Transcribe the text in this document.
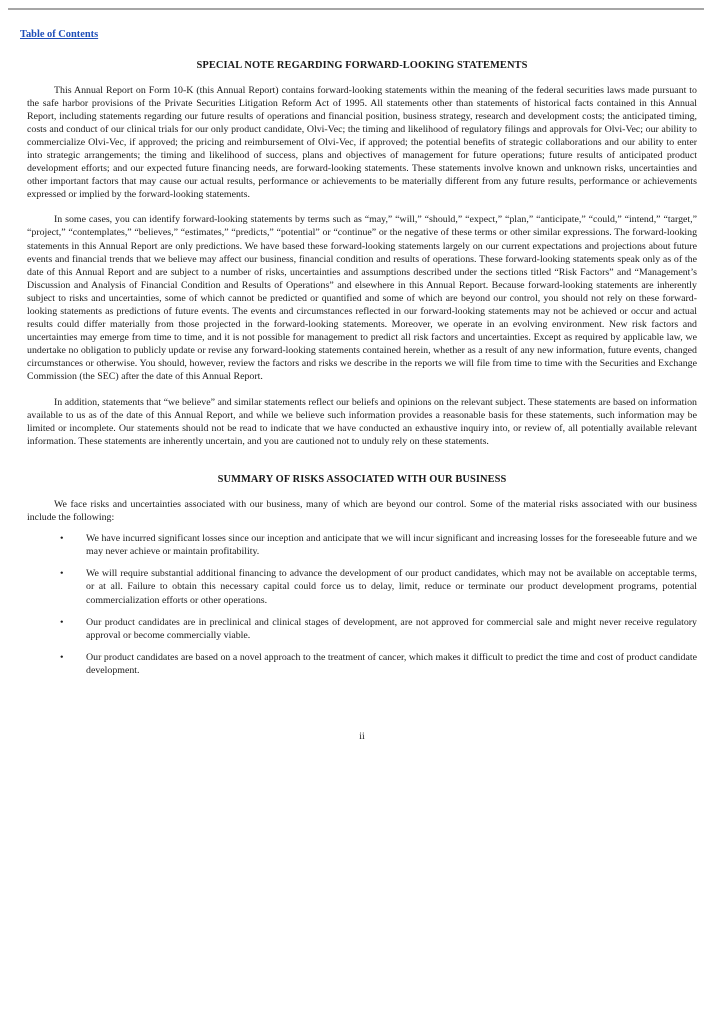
Table of Contents
SPECIAL NOTE REGARDING FORWARD-LOOKING STATEMENTS

This Annual Report on Form 10-K (this Annual Report) contains forward-looking statements within the meaning of the federal securities laws made pursuant to the safe harbor provisions of the Private Securities Litigation Reform Act of 1995. All statements other than statements of historical facts contained in this Annual Report, including statements regarding our future results of operations and financial position, business strategy, research and development costs; the anticipated timing, costs and conduct of our clinical trials for our only product candidate, Olvi-Vec; the timing and likelihood of regulatory filings and approvals for Olvi-Vec; our ability to commercialize Olvi-Vec, if approved; the pricing and reimbursement of Olvi-Vec, if approved; the potential benefits of strategic collaborations and our ability to enter into strategic arrangements; the timing and likelihood of success, plans and objectives of management for future operations; future results of anticipated product development efforts; and our expected future financing needs, are forward-looking statements. These statements involve known and unknown risks, uncertainties and other important factors that may cause our actual results, performance or achievements to be materially different from any future results, performance or achievements expressed or implied by the forward-looking statements.

In some cases, you can identify forward-looking statements by terms such as “may,” “will,” “should,” “expect,” “plan,” “anticipate,” “could,” “intend,” “target,” “project,” “contemplates,” “believes,” “estimates,” “predicts,” “potential” or “continue” or the negative of these terms or other similar expressions. The forward-looking statements in this Annual Report are only predictions. We have based these forward-looking statements largely on our current expectations and projections about future events and financial trends that we believe may affect our business, financial condition and results of operations. These forward-looking statements speak only as of the date of this Annual Report and are subject to a number of risks, uncertainties and assumptions described under the sections titled “Risk Factors” and “Management’s Discussion and Analysis of Financial Condition and Results of Operations” and elsewhere in this Annual Report. Because forward-looking statements are inherently subject to risks and uncertainties, some of which cannot be predicted or quantified and some of which are beyond our control, you should not rely on these forward-looking statements as predictions of future events. The events and circumstances reflected in our forward-looking statements may not be achieved or occur and actual results could differ materially from those projected in the forward-looking statements. Moreover, we operate in an evolving environment. New risk factors and uncertainties may emerge from time to time, and it is not possible for management to predict all risk factors and uncertainties. Except as required by applicable law, we undertake no obligation to publicly update or revise any forward-looking statements contained herein, whether as a result of any new information, future events, changed circumstances or otherwise. You should, however, review the factors and risks we describe in the reports we will file from time to time with the Securities and Exchange Commission (the SEC) after the date of this Annual Report.

In addition, statements that “we believe” and similar statements reflect our beliefs and opinions on the relevant subject. These statements are based on information available to us as of the date of this Annual Report, and while we believe such information provides a reasonable basis for these statements, such information may be limited or incomplete. Our statements should not be read to indicate that we have conducted an exhaustive inquiry into, or review of, all potentially available relevant information. These statements are inherently uncertain, and you are cautioned not to unduly rely on these statements.

SUMMARY OF RISKS ASSOCIATED WITH OUR BUSINESS

We face risks and uncertainties associated with our business, many of which are beyond our control. Some of the material risks associated with our business include the following:

• We have incurred significant losses since our inception and anticipate that we will incur significant and increasing losses for the foreseeable future and we may never achieve or maintain profitability.
• We will require substantial additional financing to advance the development of our product candidates, which may not be available on acceptable terms, or at all. Failure to obtain this necessary capital could force us to delay, limit, reduce or terminate our product development programs, potential commercialization efforts or other operations.
• Our product candidates are in preclinical and clinical stages of development, are not approved for commercial sale and might never receive regulatory approval or become commercially viable.
• Our product candidates are based on a novel approach to the treatment of cancer, which makes it difficult to predict the time and cost of product candidate development.
ii
